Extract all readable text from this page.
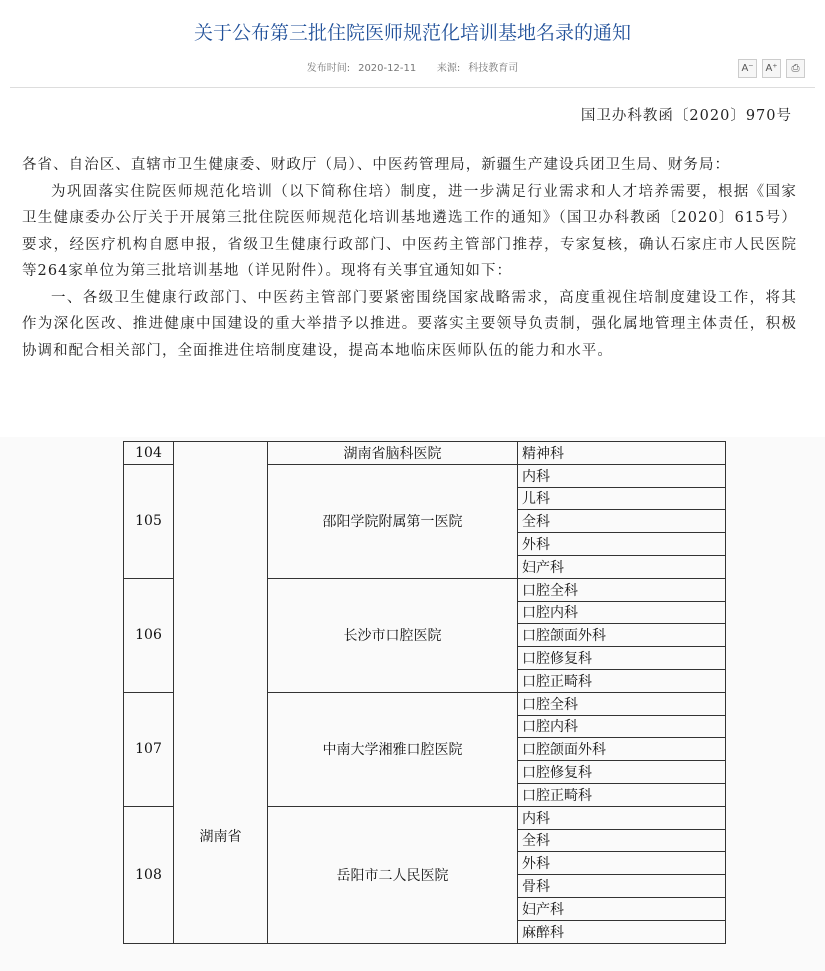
关于公布第三批住院医师规范化培训基地名录的通知
发布时间: 2020-12-11 来源: 科技教育司	A⁻	A⁺	⎙
国卫办科教函〔2020〕970号

各省、自治区、直辖市卫生健康委、财政厅（局）、中医药管理局，新疆生产建设兵团卫生局、财务局：

为巩固落实住院医师规范化培训（以下简称住培）制度，进一步满足行业需求和人才培养需要，根据《国家卫生健康委办公厅关于开展第三批住院医师规范化培训基地遴选工作的通知》（国卫办科教函〔2020〕615号）要求，经医疗机构自愿申报，省级卫生健康行政部门、中医药主管部门推荐，专家复核，确认石家庄市人民医院等264家单位为第三批培训基地（详见附件）。现将有关事宜通知如下：

一、各级卫生健康行政部门、中医药主管部门要紧密围绕国家战略需求，高度重视住培制度建设工作，将其作为深化医改、推进健康中国建设的重大举措予以推进。要落实主要领导负责制，强化属地管理主体责任，积极协调和配合相关部门，全面推进住培制度建设，提高本地临床医师队伍的能力和水平。

104	湖南省	湖南省脑科医院	精神科
105		邵阳学院附属第一医院	内科
			儿科
			全科
			外科
			妇产科
106		长沙市口腔医院	口腔全科
			口腔内科
			口腔颌面外科
			口腔修复科
			口腔正畸科
107		中南大学湘雅口腔医院	口腔全科
			口腔内科
			口腔颌面外科
			口腔修复科
			口腔正畸科
108		岳阳市二人民医院	内科
			全科
			外科
			骨科
			妇产科
			麻醉科
